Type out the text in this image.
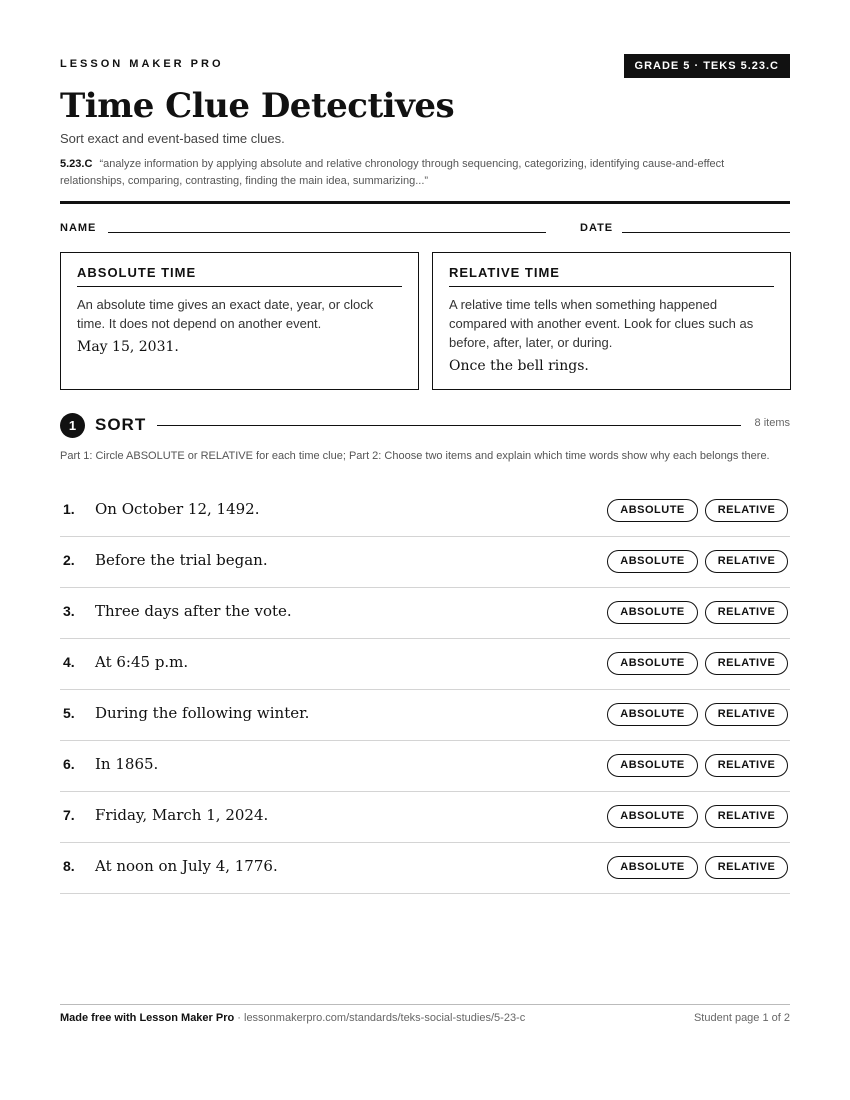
LESSON MAKER PRO	GRADE 5 · TEKS 5.23.C
Time Clue Detectives
Sort exact and event-based time clues.
5.23.C “analyze information by applying absolute and relative chronology through sequencing, categorizing, identifying cause-and-effect relationships, comparing, contrasting, finding the main idea, summarizing...”
NAME	DATE
ABSOLUTE TIME
An absolute time gives an exact date, year, or clock time. It does not depend on another event.
May 15, 2031.
RELATIVE TIME
A relative time tells when something happened compared with another event. Look for clues such as before, after, later, or during.
Once the bell rings.
1	SORT	8 items
Part 1: Circle ABSOLUTE or RELATIVE for each time clue; Part 2: Choose two items and explain which time words show why each belongs there.
1. On October 12, 1492.	ABSOLUTE	RELATIVE
2. Before the trial began.	ABSOLUTE	RELATIVE
3. Three days after the vote.	ABSOLUTE	RELATIVE
4. At 6:45 p.m.	ABSOLUTE	RELATIVE
5. During the following winter.	ABSOLUTE	RELATIVE
6. In 1865.	ABSOLUTE	RELATIVE
7. Friday, March 1, 2024.	ABSOLUTE	RELATIVE
8. At noon on July 4, 1776.	ABSOLUTE	RELATIVE
Made free with Lesson Maker Pro · lessonmakerpro.com/standards/teks-social-studies/5-23-c	Student page 1 of 2
